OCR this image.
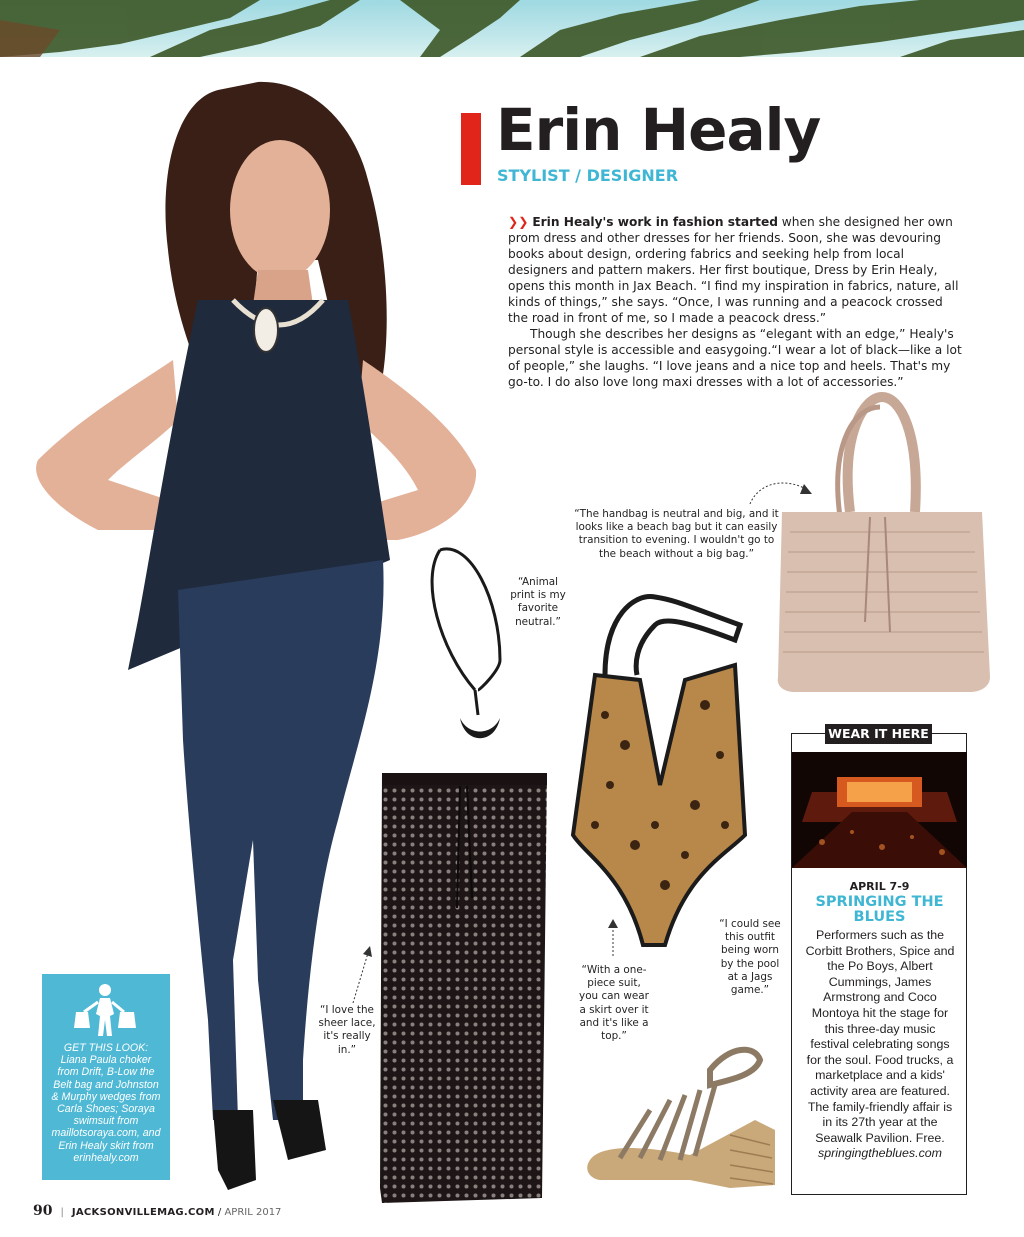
Erin Healy
STYLIST / DESIGNER

❯❯ Erin Healy's work in fashion started when she designed her own prom dress and other dresses for her friends. Soon, she was devouring books about design, ordering fabrics and seeking help from local designers and pattern makers. Her first boutique, Dress by Erin Healy, opens this month in Jax Beach. “I find my inspiration in fabrics, nature, all kinds of things,” she says. “Once, I was running and a peacock crossed the road in front of me, so I made a peacock dress.”

Though she describes her designs as “elegant with an edge,” Healy's personal style is accessible and easygoing.“I wear a lot of black—like a lot of people,” she laughs. “I love jeans and a nice top and heels. That's my go-to. I do also love long maxi dresses with a lot of accessories.”

“The handbag is neutral and big, and it looks like a beach bag but it can easily transition to evening. I wouldn't go to the beach without a big bag.”
“Animal print is my favorite neutral.”
“I could see this outfit being worn by the pool at a Jags game.”
“With a one-piece suit, you can wear a skirt over it and it's like a top.”
“I love the sheer lace, it's really in.”
GET THIS LOOK: Liana Paula choker from Drift, B-Low the Belt bag and Johnston & Murphy wedges from Carla Shoes; Soraya swimsuit from maillotsoraya.com, and Erin Healy skirt from erinhealy.com
WEAR IT HERE
APRIL 7-9
SPRINGING THE BLUES
Performers such as the Corbitt Brothers, Spice and the Po Boys, Albert Cummings, James Armstrong and Coco Montoya hit the stage for this three-day music festival celebrating songs for the soul. Food trucks, a marketplace and a kids' activity area are featured. The family-friendly affair is in its 27th year at the Seawalk Pavilion. Free. springingtheblues.com
90 | JACKSONVILLEMAG.COM / APRIL 2017
